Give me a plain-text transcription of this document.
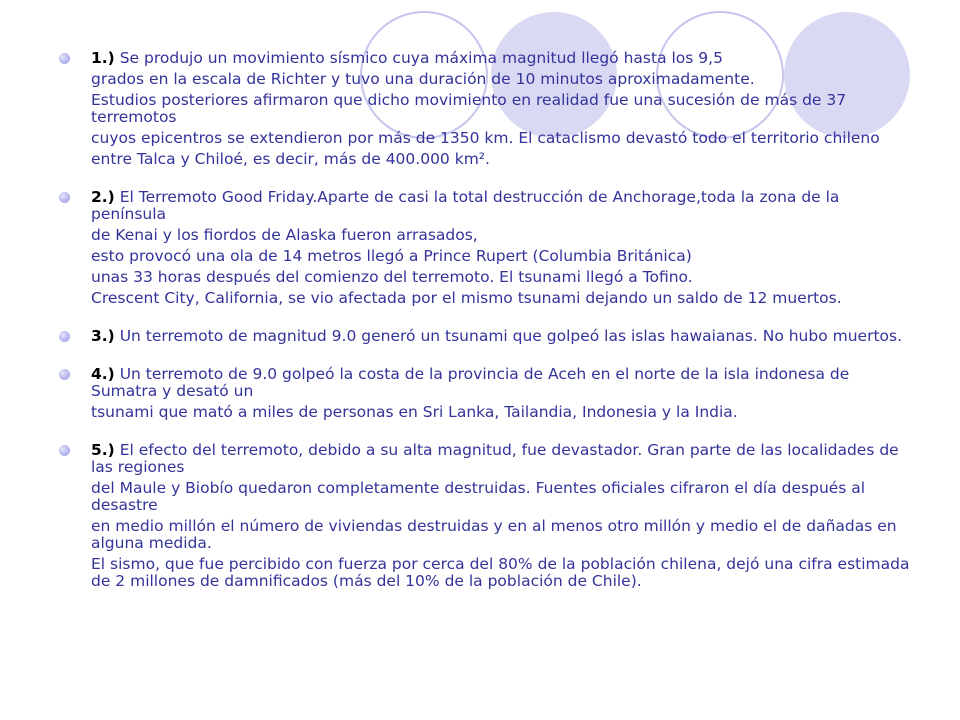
1.) Se produjo un movimiento sísmico cuya máxima magnitud llegó hasta los 9,5
grados en la escala de Richter y tuvo una duración de 10 minutos aproximadamente.
Estudios posteriores afirmaron que dicho movimiento en realidad fue una sucesión de más de 37 terremotos
cuyos epicentros se extendieron por más de 1350 km. El cataclismo devastó todo el territorio chileno
entre Talca y Chiloé, es decir, más de 400.000 km².
2.) El Terremoto Good Friday.Aparte de casi la total destrucción de Anchorage,toda la zona de la península
de Kenai y los fiordos de Alaska fueron arrasados,
esto provocó una ola de 14 metros llegó a Prince Rupert (Columbia Británica)
unas 33 horas después del comienzo del terremoto. El tsunami llegó a Tofino.
Crescent City, California, se vio afectada por el mismo tsunami dejando un saldo de 12 muertos.
3.) Un terremoto de magnitud 9.0 generó un tsunami que golpeó las islas hawaianas. No hubo muertos.
4.) Un terremoto de 9.0 golpeó la costa de la provincia de Aceh en el norte de la isla indonesa de Sumatra y desató un
tsunami que mató a miles de personas en Sri Lanka, Tailandia, Indonesia y la India.
5.) El efecto del terremoto, debido a su alta magnitud, fue devastador. Gran parte de las localidades de las regiones
del Maule y Biobío quedaron completamente destruidas. Fuentes oficiales cifraron el día después al desastre
en medio millón el número de viviendas destruidas y en al menos otro millón y medio el de dañadas en alguna medida.
El sismo, que fue percibido con fuerza por cerca del 80% de la población chilena, dejó una cifra estimada de 2 millones de damnificados (más del 10% de la población de Chile).
